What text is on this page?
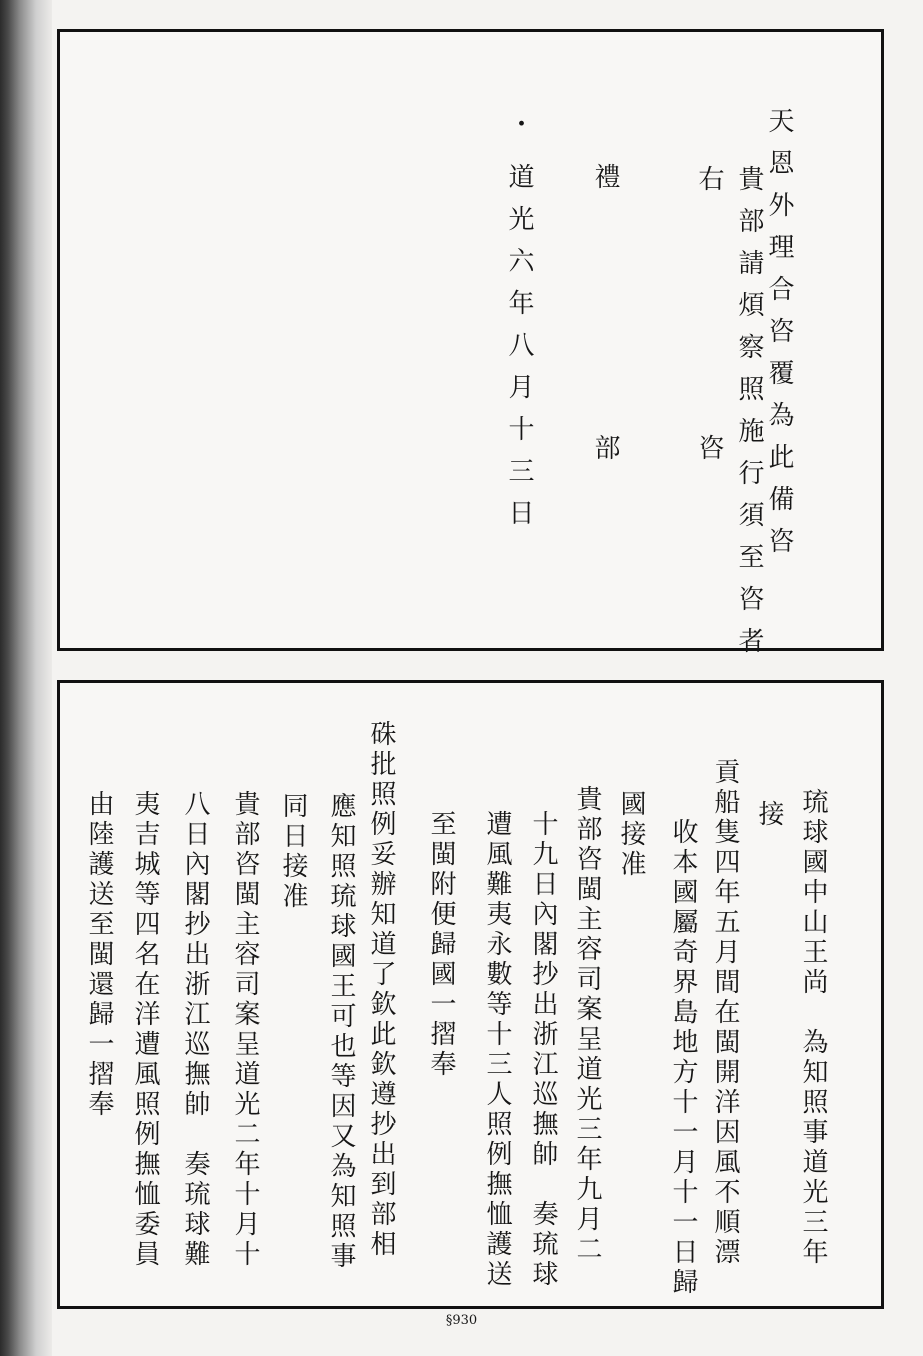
天恩外理合咨覆為此備咨
貴部請煩察照施行須至咨者
右
咨
禮
部
・
道光六年八月十三日
琉球國中山王尚　為知照事道光三年
接
貢船隻四年五月間在閩開洋因風不順漂
收本國屬奇界島地方十一月十一日歸
國接准
貴部咨閩主容司案呈道光三年九月二
十九日內閣抄出浙江巡撫帥　奏琉球
遭風難夷永數等十三人照例撫恤護送
至閩附便歸國一摺奉
硃批照例妥辦知道了欽此欽遵抄出到部相
應知照琉球國王可也等因又為知照事
同日接准
貴部咨閩主容司案呈道光二年十月十
八日內閣抄出浙江巡撫帥　奏琉球難
夷吉城等四名在洋遭風照例撫恤委員
由陸護送至閩還歸一摺奉
§930
